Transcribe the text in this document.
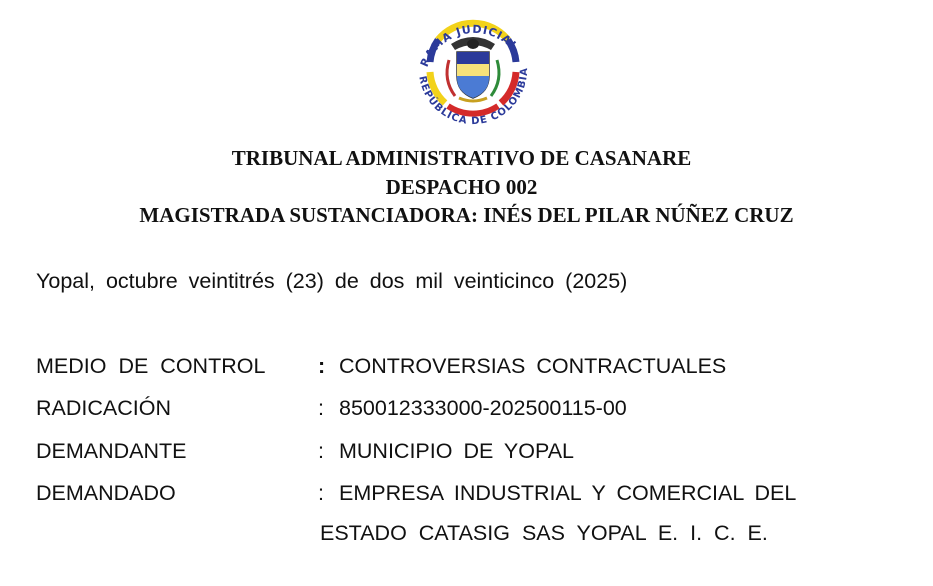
RAMA JUDICIAL
REPÚBLICA DE COLOMBIA
TRIBUNAL ADMINISTRATIVO DE CASANARE
DESPACHO 002
MAGISTRADA SUSTANCIADORA: INÉS DEL PILAR NÚÑEZ CRUZ
Yopal, octubre veintitrés (23) de dos mil veinticinco (2025)
MEDIO DE CONTROL : CONTROVERSIAS CONTRACTUALES
RADICACIÓN	: 850012333000-202500115-00
DEMANDANTE	: MUNICIPIO DE YOPAL
DEMANDADO	: EMPRESA INDUSTRIAL Y COMERCIAL DEL
ESTADO CATASIG SAS YOPAL E. I. C. E.
